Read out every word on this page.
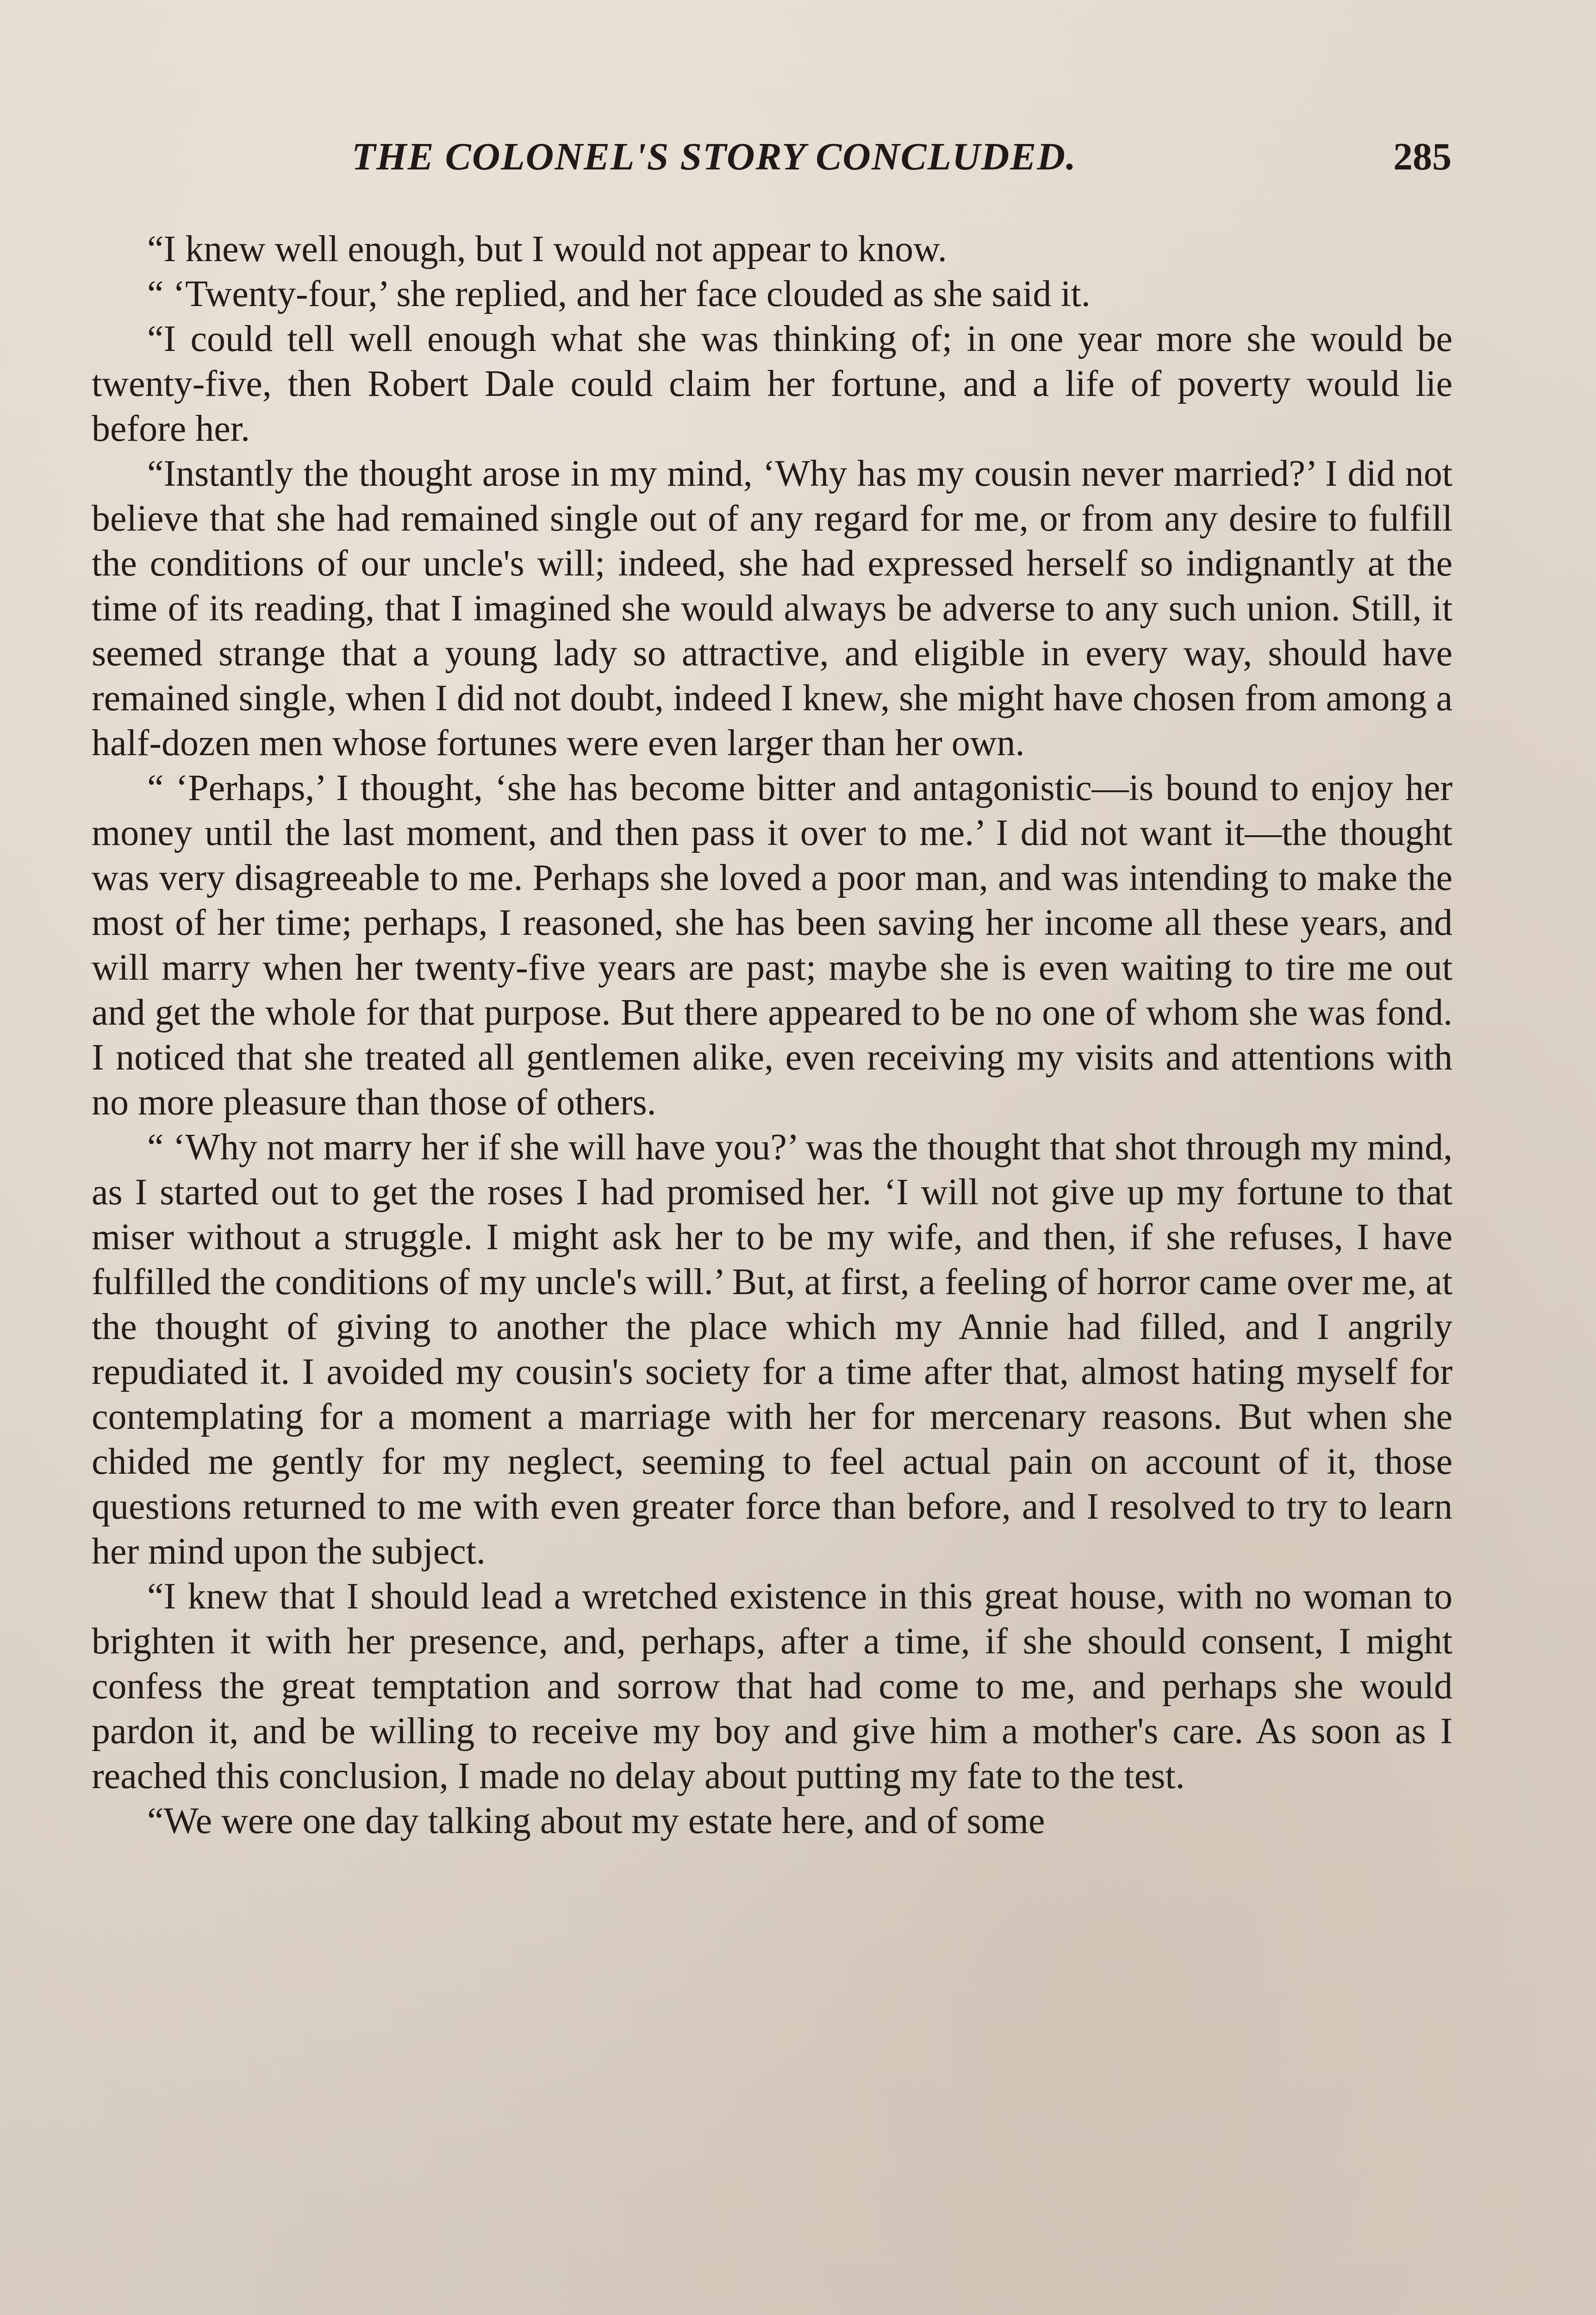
THE COLONEL'S STORY CONCLUDED.	285

“I knew well enough, but I would not appear to know.

“ ‘Twenty-four,’ she replied, and her face clouded as she said it.

“I could tell well enough what she was thinking of; in one year more she would be twenty-five, then Robert Dale could claim her fortune, and a life of poverty would lie before her.

“Instantly the thought arose in my mind, ‘Why has my cousin never married?’ I did not believe that she had remained single out of any regard for me, or from any desire to fulfill the conditions of our uncle's will; indeed, she had expressed herself so indignantly at the time of its reading, that I imagined she would always be adverse to any such union. Still, it seemed strange that a young lady so attractive, and eligible in every way, should have remained single, when I did not doubt, indeed I knew, she might have chosen from among a half-dozen men whose fortunes were even larger than her own.

“ ‘Perhaps,’ I thought, ‘she has become bitter and antagonistic—is bound to enjoy her money until the last moment, and then pass it over to me.’ I did not want it—the thought was very disagreeable to me. Perhaps she loved a poor man, and was intending to make the most of her time; perhaps, I reasoned, she has been saving her income all these years, and will marry when her twenty-five years are past; maybe she is even waiting to tire me out and get the whole for that purpose. But there appeared to be no one of whom she was fond. I noticed that she treated all gentlemen alike, even receiving my visits and attentions with no more pleasure than those of others.

“ ‘Why not marry her if she will have you?’ was the thought that shot through my mind, as I started out to get the roses I had promised her. ‘I will not give up my fortune to that miser without a struggle. I might ask her to be my wife, and then, if she refuses, I have fulfilled the conditions of my uncle's will.’ But, at first, a feeling of horror came over me, at the thought of giving to another the place which my Annie had filled, and I angrily repudiated it. I avoided my cousin's society for a time after that, almost hating myself for contemplating for a moment a marriage with her for mercenary reasons. But when she chided me gently for my neglect, seeming to feel actual pain on account of it, those questions returned to me with even greater force than before, and I resolved to try to learn her mind upon the subject.

“I knew that I should lead a wretched existence in this great house, with no woman to brighten it with her presence, and, perhaps, after a time, if she should consent, I might confess the great temptation and sorrow that had come to me, and perhaps she would pardon it, and be willing to receive my boy and give him a mother's care. As soon as I reached this conclusion, I made no delay about putting my fate to the test.

“We were one day talking about my estate here, and of some
